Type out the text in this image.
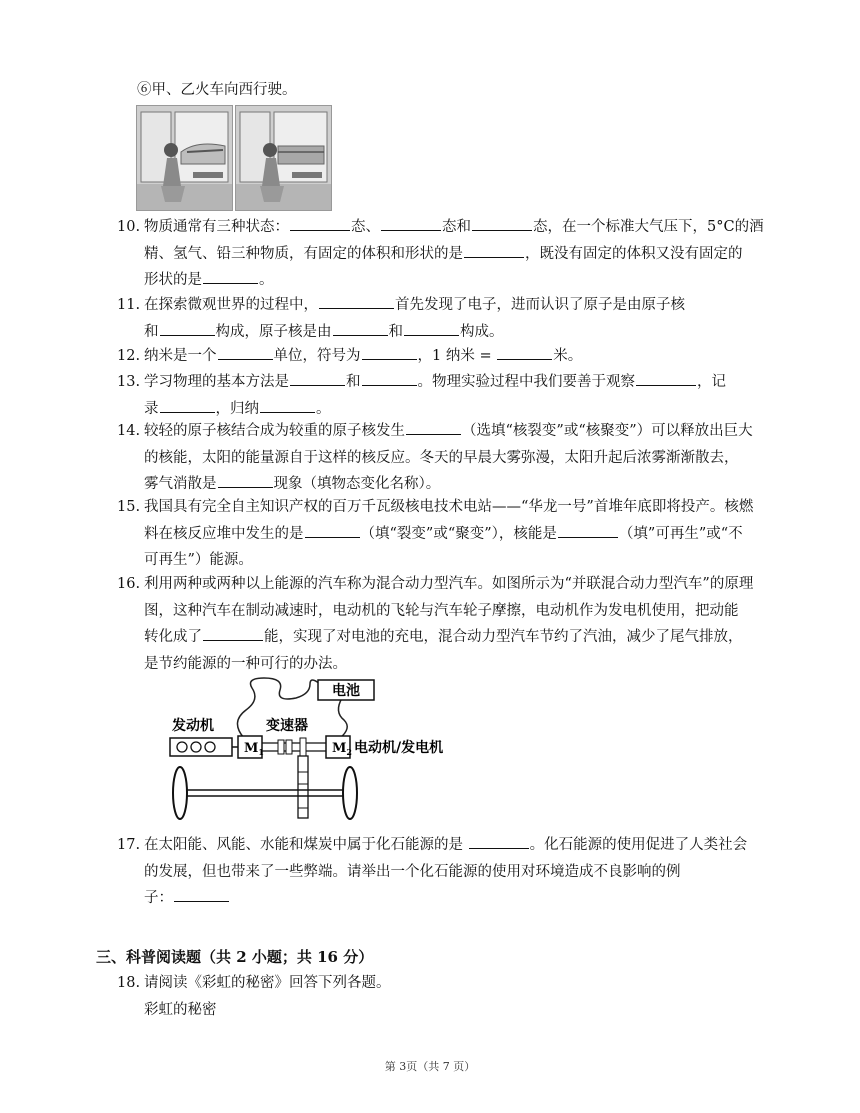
⑥甲、乙火车向西行驶。
10. 物质通常有三种状态：	态、	态和	态，在一个标准大气压下，5°C的酒
精、氢气、铅三种物质，有固定的体积和形状的是	，既没有固定的体积又没有固定的
形状的是	。
11. 在探索微观世界的过程中，	首先发现了电子，进而认识了原子是由原子核
和	构成，原子核是由	和	构成。
12. 纳米是一个	单位，符号为	，1 纳米 =	米。
13. 学习物理的基本方法是	和	。物理实验过程中我们要善于观察	，记
录	，归纳	。
14. 较轻的原子核结合成为较重的原子核发生	（选填“核裂变”或“核聚变”）可以释放出巨大
的核能，太阳的能量源自于这样的核反应。冬天的早晨大雾弥漫，太阳升起后浓雾渐渐散去，
雾气消散是	现象（填物态变化名称）。
15. 我国具有完全自主知识产权的百万千瓦级核电技术电站——“华龙一号”首堆年底即将投产。核燃
料在核反应堆中发生的是	（填“裂变”或“聚变”），核能是	（填”可再生”或“不
可再生”）能源。
16. 利用两种或两种以上能源的汽车称为混合动力型汽车。如图所示为“并联混合动力型汽车”的原理
图，这种汽车在制动减速时，电动机的飞轮与汽车轮子摩擦，电动机作为发电机使用，把动能
转化成了	能，实现了对电池的充电，混合动力型汽车节约了汽油，减少了尾气排放，
是节约能源的一种可行的办法。
电池
发动机	变速器
$M_1$	$M_2$ 电动机/发电机
17. 在太阳能、风能、水能和煤炭中属于化石能源的是	。化石能源的使用促进了人类社会
的发展，但也带来了一些弊端。请举出一个化石能源的使用对环境造成不良影响的例
子：
三、科普阅读题（共 2 小题；共 16 分）
18. 请阅读《彩虹的秘密》回答下列各题。
彩虹的秘密
第 3页（共 7 页）
